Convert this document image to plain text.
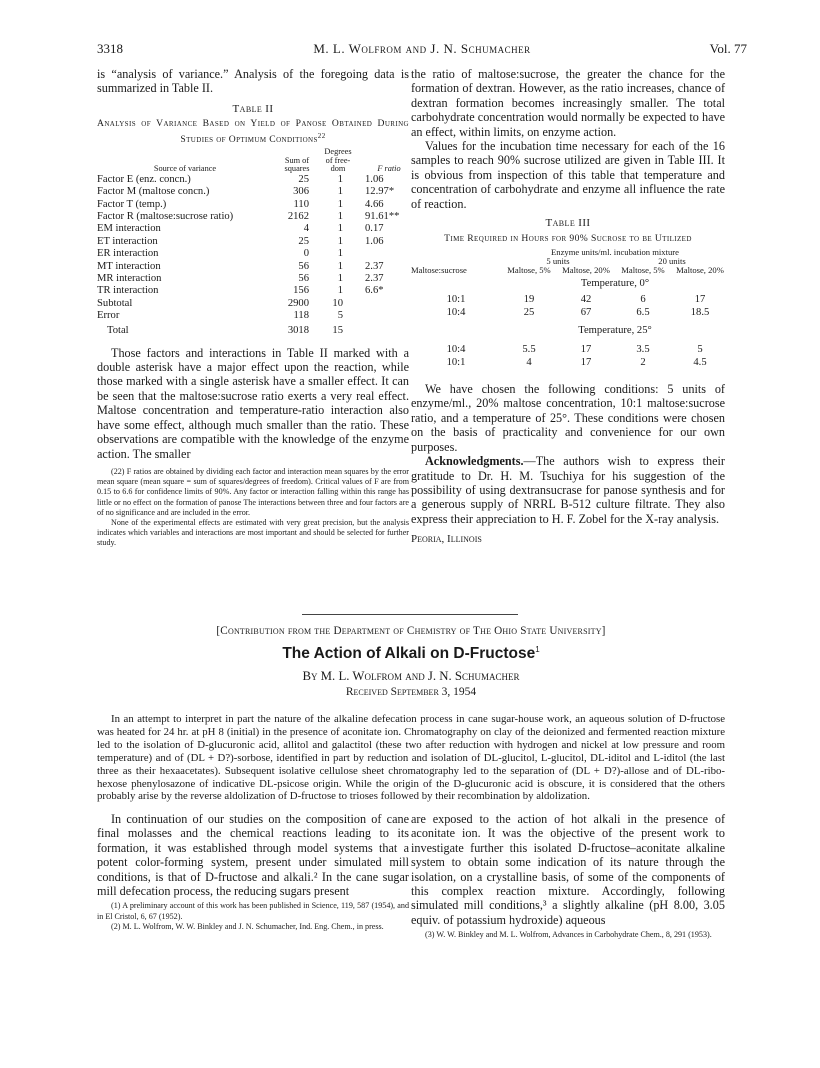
3318	M. L. Wolfrom and J. N. Schumacher	Vol. 77

is “analysis of variance.” Analysis of the foregoing data is summarized in Table II.

Table II
Analysis of Variance Based on Yield of Panose Obtained During Studies of Optimum Conditions$^{22}$
		Degrees	
Source of variance	Sum of squares	of free- dom	F ratio
Factor E (enz. concn.)	25	1	1.06
Factor M (maltose concn.)	306	1	12.97*
Factor T (temp.)	110	1	4.66
Factor R (maltose:sucrose ratio)	2162	1	91.61**
EM interaction	4	1	0.17
ET interaction	25	1	1.06
ER interaction	0	1	
MT interaction	56	1	2.37
MR interaction	56	1	2.37
TR interaction	156	1	6.6*
Subtotal	2900	10	
Error	118	5	
Total	3018	15	

Those factors and interactions in Table II marked with a double asterisk have a major effect upon the reaction, while those marked with a single asterisk have a smaller effect. It can be seen that the maltose:sucrose ratio exerts a very real effect. Maltose concentration and temperature-ratio interaction also have some effect, although much smaller than the ratio. These observations are compatible with the knowledge of the enzyme action. The smaller

(22) F ratios are obtained by dividing each factor and interaction mean squares by the error mean square (mean square = sum of squares/degrees of freedom). Critical values of F are from 0.15 to 6.6 for confidence limits of 90%. Any factor or interaction falling within this range has little or no effect on the formation of panose The interactions between three and four factors are of no significance and are included in the error.

None of the experimental effects are estimated with very great precision, but the analysis indicates which variables and interactions are most important and should be selected for further study.

the ratio of maltose:sucrose, the greater the chance for the formation of dextran. However, as the ratio increases, chance of dextran formation becomes increasingly smaller. The total carbohydrate concentration would normally be expected to have an effect, within limits, on enzyme action.

Values for the incubation time necessary for each of the 16 samples to reach 90% sucrose utilized are given in Table III. It is obvious from inspection of this table that temperature and concentration of carbohydrate and enzyme all influence the rate of reaction.

Table III
Time Required in Hours for 90% Sucrose to be Utilized
	Enzyme units/ml. incubation mixture			
	5 units		20 units	
Maltose:sucrose	Maltose, 5%	Maltose, 20%	Maltose, 5%	Maltose, 20%
	Temperature, 0°			
10:1	19	42	6	17
10:4	25	67	6.5	18.5
	Temperature, 25°			
10:4	5.5	17	3.5	5
10:1	4	17	2	4.5

We have chosen the following conditions: 5 units of enzyme/ml., 20% maltose concentration, 10:1 maltose:sucrose ratio, and a temperature of 25°. These conditions were chosen on the basis of practicality and convenience for our own purposes.

Acknowledgments.—The authors wish to express their gratitude to Dr. H. M. Tsuchiya for his suggestion of the possibility of using dextransucrase for panose synthesis and for a generous supply of NRRL B-512 culture filtrate. They also express their appreciation to H. F. Zobel for the X-ray analysis.

Peoria, Illinois

[Contribution from the Department of Chemistry of The Ohio State University]
The Action of Alkali on D-Fructose$^1$
By M. L. Wolfrom and J. N. Schumacher
Received September 3, 1954
In an attempt to interpret in part the nature of the alkaline defecation process in cane sugar-house work, an aqueous solution of D-fructose was heated for 24 hr. at pH 8 (initial) in the presence of aconitate ion. Chromatography on clay of the deionized and fermented reaction mixture led to the isolation of D-glucuronic acid, allitol and galactitol (these two after reduction with hydrogen and nickel at low pressure and room temperature) and of (DL + D?)-sorbose, identified in part by reduction and isolation of DL-glucitol, L-glucitol, DL-iditol and L-iditol (the last three as their hexaacetates). Subsequent isolative cellulose sheet chromatography led to the separation of (DL + D?)-allose and of DL-ribo-hexose phenylosazone of indicative DL-psicose origin. While the origin of the D-glucuronic acid is obscure, it is considered that the others probably arise by the reverse aldolization of D-fructose to trioses followed by their recombination by aldolization.

In continuation of our studies on the composition of cane final molasses and the chemical reactions leading to its formation, it was established through model systems that a potent color-forming system, present under simulated mill conditions, is that of D-fructose and alkali.² In the cane sugar mill defecation process, the reducing sugars present

(1) A preliminary account of this work has been published in Science, 119, 587 (1954), and in El Cristol, 6, 67 (1952).

(2) M. L. Wolfrom, W. W. Binkley and J. N. Schumacher, Ind. Eng. Chem., in press.

are exposed to the action of hot alkali in the presence of aconitate ion. It was the objective of the present work to investigate further this isolated D-fructose–aconitate alkaline system to obtain some indication of its nature through the isolation, on a crystalline basis, of some of the components of this complex reaction mixture. Accordingly, following simulated mill conditions,³ a slightly alkaline (pH 8.00, 3.05 equiv. of potassium hydroxide) aqueous

(3) W. W. Binkley and M. L. Wolfrom, Advances in Carbohydrate Chem., 8, 291 (1953).
